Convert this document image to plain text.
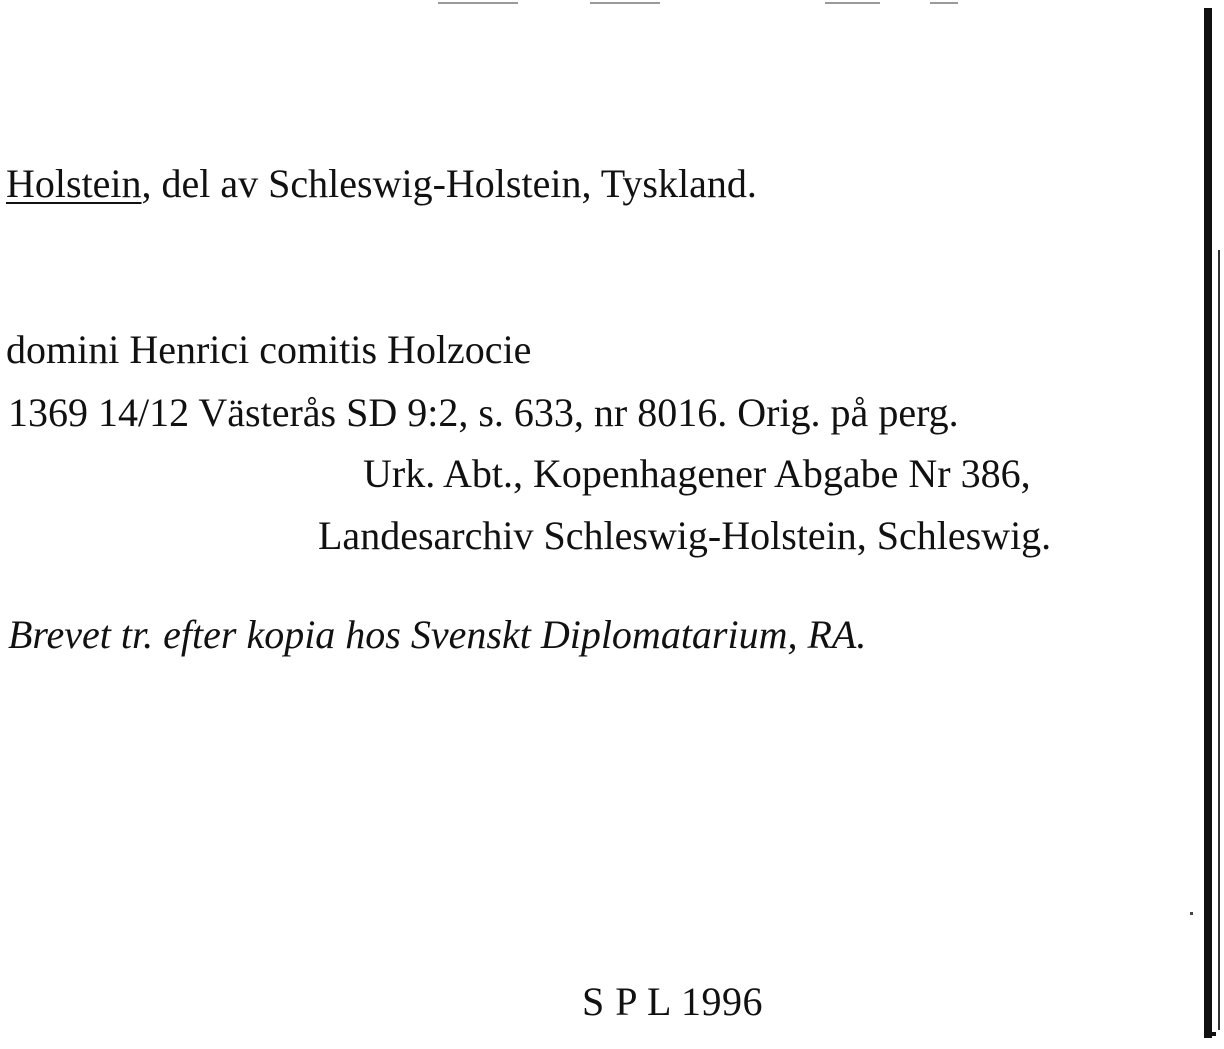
Holstein, del av Schleswig-Holstein, Tyskland.
domini Henrici comitis Holzocie
1369 14/12 Västerås SD 9:2, s. 633, nr 8016. Orig. på perg.
Urk. Abt., Kopenhagener Abgabe Nr 386,
Landesarchiv Schleswig-Holstein, Schleswig.
Brevet tr. efter kopia hos Svenskt Diplomatarium, RA.
S P L 1996
